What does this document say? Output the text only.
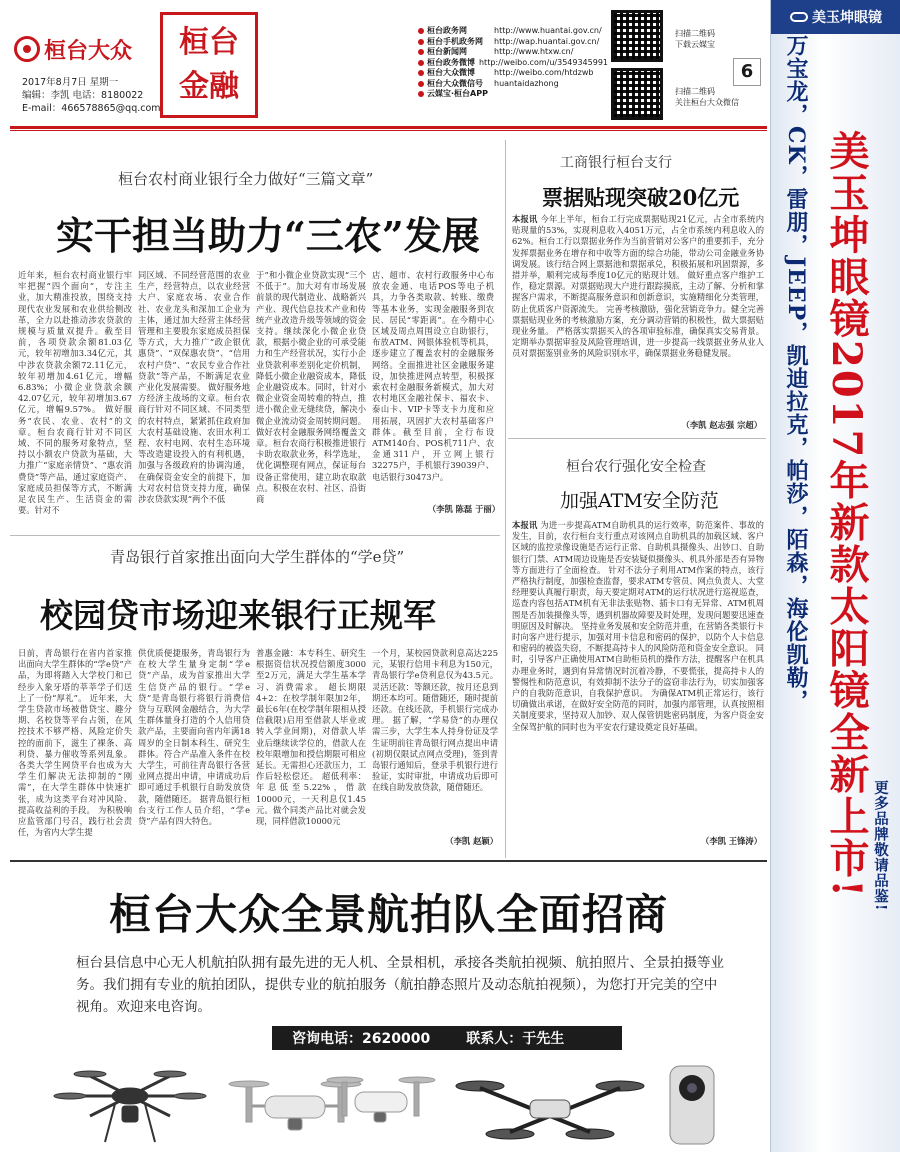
桓台大众
2017年8月7日 星期一
编辑：李凯 电话：8180022
E-mail：466578865@qq.com
桓台
金融
桓台政务网	http://www.huantai.gov.cn/
桓台手机政务网	http://wap.huantai.gov.cn/
桓台新闻网	http://www.htxw.cn/
桓台政务微博 http://weibo.com/u/3549345991
桓台大众微博	http://weibo.com/htdzwb
桓台大众微信号	huantaidazhong
云媒宝·桓台APP
扫描二维码
下载云媒宝
扫描二维码
关注桓台大众微信
6
桓台农村商业银行全力做好“三篇文章”
实干担当助力“三农”发展
近年来，桓台农村商业银行牢牢把握“四个面向”，专注主业，加大精准投放，围绕支持现代农业发展和农业供给侧改革，全力以赴推动涉农贷款的规模与质量双提升。截至目前，各项贷款余额81.03亿元，较年初增加3.34亿元，其中涉农贷款余额72.11亿元，较年初增加4.61亿元，增幅6.83%；小微企业贷款余额42.07亿元，较年初增加3.67亿元，增幅9.57%。 做好服务“农民、农业、农村”的文章。桓台农商行针对不同区域、不同的服务对象特点，坚持以小额农户贷款为基础，大力推广“家庭亲情贷”、“惠农消费贷”等产品，通过家庭资产、家庭成员担保等方式，不断满足农民生产、生活资金的需要。针对不
同区域、不同经营范围的农业生产，经营特点，以农业经营大户、家庭农场、农业合作社、农业龙头和深加工企业为主体，通过加大经营主体经营管理和主要股东家庭成员担保等方式，大力推广“政企银优惠贷”、“双保惠农贷”、“信用农村户贷”、“农民专业合作社贷款”等产品，不断满足农业产业化发展需要。 做好服务地方经济主战场的文章。桓台农商行针对不同区域、不同类型的农村特点，紧紧抓住政府加大农村基础设施、农田水利工程、农村电网、农村生态环境等改造建设投入的有利机遇，加强与各级政府的协调沟通，在确保资金安全的前提下，加大对农村信贷支持力度，确保涉农贷款实现“两个不低
于”和小微企业贷款实现“三个不低于”。加大对有市场发展前景的现代制造业、战略新兴产业、现代信息技术产业和传统产业改造升级等领域的资金支持。继续深化小微企业贷款，根据小微企业的可承受能力和生产经营状况，实行小企业贷款利率差别化定价机制，降低小微企业融资成本，降低企业融资成本。同时，针对小微企业资金周转难的特点，推进小微企业无缝续贷，解决小微企业流动资金周转期问题。 做好农村金融服务网络覆盖文章。桓台农商行积极推进银行卡助农取款业务，科学选址，优化调整现有网点，保证每台设备正常使用，建立助农取款点。积极在农村、社区、沿街商
店、超市、农村行政服务中心布放农金通、电话POS等电子机具，力争各类取款、转账、缴费等基本业务，实现金融服务到农民、居民“零距离”。在今精中心区域及周点周围设立自助银行，布放ATM、网银体验机等机具，逐步建立了覆盖农村的金融服务网络。全面推进社区金融服务建设，加快推进网点转型，积极探索农村金融服务新模式，加大对农村地区金融社保卡、福农卡、泰山卡、VIP卡等支卡力度和应用拓展，巩固扩大农村基础客户群体。截至目前，全行布设ATM140台、POS机711户、农金通311户，开立网上银行32275户，手机银行39039户、电话银行30473户。
（李凯 陈磊 于丽）
工商银行桓台支行
票据贴现突破20亿元
本报讯 今年上半年，桓台工行完成票据贴现21亿元，占全市系统内贴现量的53%，实现利息收入4051万元，占全市系统内利息收入的62%。桓台工行以票据业务作为当前营销对公客户的重要抓手，充分发挥票据业务在增存和中收等方面的综合功能，带动公司金融业务协调发展。该行结合网上票据池和票据承兑，积极拓展和巩固票源，多措并举，顺利完成每季度10亿元的贴现计划。 做好重点客户维护工作，稳定票源。对票据贴现大户进行跟踪摸底，主动了解、分析和掌握客户需求，不断提高服务意识和创新意识，实施精细化分类管理，防止优质客户资源流失。 完善考核激励，强化营销竞争力。健全完善票据贴现业务的考核激励方案，充分调动营销的积极性，做大票据贴现业务量。 严格落实票据买入的各项审验标准，确保真实交易背景。定期举办票据审验及风险管理培训，进一步提高一线票据业务从业人员对票据鉴别业务的风险识别水平，确保票据业务稳健发展。
（李凯 赵志强 宗超）
桓台农行强化安全检查
加强ATM安全防范
本报讯 为进一步提高ATM自助机具的运行效率，防范案件、事故的发生，目前，农行桓台支行重点对该网点自助机具的加载区域、客户区域的监控录像设施是否运行正常、自助机具摄像头、出钞口、自助银行门禁、ATM周边设施是否安装疑似摄像头、机具外部是否有异物等方面进行了全面检查。 针对不法分子利用ATM作案的特点，该行严格执行制度，加强检查监督，要求ATM专管员、网点负责人、大堂经理要认真履行职责，每天要定期对ATM的运行状况进行巡视巡查，巡查内容包括ATM机有无非法张贴物、插卡口有无异常、ATM机周围是否加装摄像头等，遇到机器故障要及时处理，发现问题要迅速查明原因及时解决。 坚持业务发展和安全防范并重，在营销各类银行卡时向客户进行提示，加强对用卡信息和密码的保护，以防个人卡信息和密码的被盗失窃，不断提高持卡人的风险防范和资金安全意识。 同时，引导客户正确使用ATM自助柜员机的操作方法，提醒客户在机具办理业务时，遇到有异常情况时沉着冷静，不要慌张，提高持卡人的警惕性和防范意识，有效抑制不法分子的盗窃非法行为，切实加强客户的自我防范意识，自我保护意识。 为确保ATM机正常运行，该行切确做出承诺，在做好安全防范的同时，加强内部管理，认真按照相关制度要求，坚持双人加钞、双人保管钥匙密码制度，为客户资金安全保驾护航的同时也为平安农行建设奠定良好基础。
（李凯 王锋涛）
青岛银行首家推出面向大学生群体的“学e贷”
校园贷市场迎来银行正规军
日前，青岛银行在省内首家推出面向大学生群体的“学e贷”产品，为即将踏入大学校门和已经步入象牙塔的莘莘学子们送上了一份“厚礼”。 近年来，大学生贷款市场被借贷宝、趣分期、名校贷等平台占领，在风控技术不够严格、风险定价失控的面前下，滋生了裸条、高利贷、暴力催收等系列乱象。各类大学生网贷平台也成为大学生们解决无法抑制的“刚需”，在大学生群体中快速扩张，成为这类平台对冲风险、提高收益利的手段。 为积极响应监管部门号召，践行社会责任，为省内大学生提
供优质便捷服务，青岛银行为在校大学生量身定制“学e贷”产品，成为首家推出大学生信贷产品的银行。“学e贷”是青岛银行将银行消费信贷与互联网金融结合，为大学生群体量身打造的个人信用贷款产品，主要面向省内年满18周岁的全日制本科生、研究生群体。符合产品准入条件在校大学生，可前往青岛银行各营业网点提出申请，申请成功后即可通过手机银行自助发放贷款，随借随还。 据青岛银行桓台支行工作人员介绍，“学e贷”产品有四大特色。
普惠金融：本专科生、研究生根据资信状况授信额度3000至2万元，满足大学生基本学习、消费需求。 超长期限4+2：在校学制年限加2年，最长6年(在校学制年限相从授信截限)启用至借款人毕业或转入学业间期)，对借款人毕业后继续读学位的，借款人在校年限增加和授信期限可相应延长。无需担心还款压力，工作后轻松偿还。 超低利率：年息低至5.22%，借款10000元，一天利息仅1.45元。做个同类产品比对就会发现，同样借款10000元
一个月，某校园贷款利息高达225元，某银行信用卡利息为150元，青岛银行学e贷利息仅为43.5元。 灵活还款：等额还款，按月还息到期还本均可。随借随还，随时提前还款。在线还款，手机银行完成办理。 据了解，“学易贷”的办理仅需三步，大学生本人持身份证及学生证明前往青岛银行网点提出申请(初期仅限试点网点受理)，签到青岛银行通知后，登录手机银行进行验证，实时审批，申请成功后即可在线自助发放贷款，随借随还。
（李凯 赵颖）
桓台大众全景航拍队全面招商
桓台县信息中心无人机航拍队拥有最先进的无人机、全景相机，承接各类航拍视频、航拍照片、全景拍摄等业务。我们拥有专业的航拍团队，提供专业的航拍服务（航拍静态照片及动态航拍视频），为您打开完美的空中视角。欢迎来电咨询。
咨询电话：2620000	联系人：于先生
美玉坤眼镜
万宝龙，CK，雷朋，JEEP，凯迪拉克，帕莎，陌森，海伦凯勒， 美玉坤眼镜2017年新款太阳镜全新上市! 更多品牌敬请品鉴!
